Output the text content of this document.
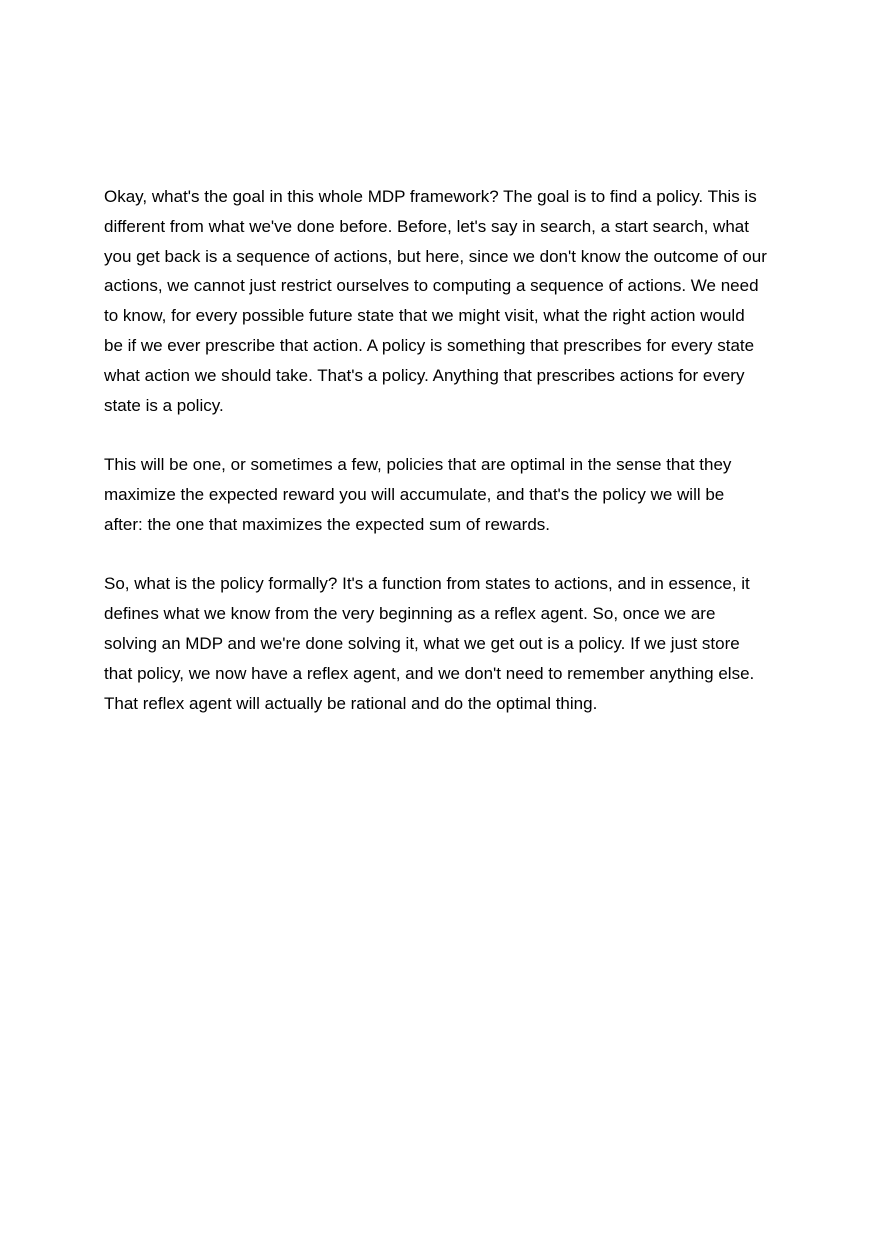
Okay, what's the goal in this whole MDP framework? The goal is to find a policy. This is
different from what we've done before. Before, let's say in search, a start search, what
you get back is a sequence of actions, but here, since we don't know the outcome of our
actions, we cannot just restrict ourselves to computing a sequence of actions. We need
to know, for every possible future state that we might visit, what the right action would
be if we ever prescribe that action. A policy is something that prescribes for every state
what action we should take. That's a policy. Anything that prescribes actions for every
state is a policy.

This will be one, or sometimes a few, policies that are optimal in the sense that they
maximize the expected reward you will accumulate, and that's the policy we will be
after: the one that maximizes the expected sum of rewards.

So, what is the policy formally? It's a function from states to actions, and in essence, it
defines what we know from the very beginning as a reflex agent. So, once we are
solving an MDP and we're done solving it, what we get out is a policy. If we just store
that policy, we now have a reflex agent, and we don't need to remember anything else.
That reflex agent will actually be rational and do the optimal thing.
